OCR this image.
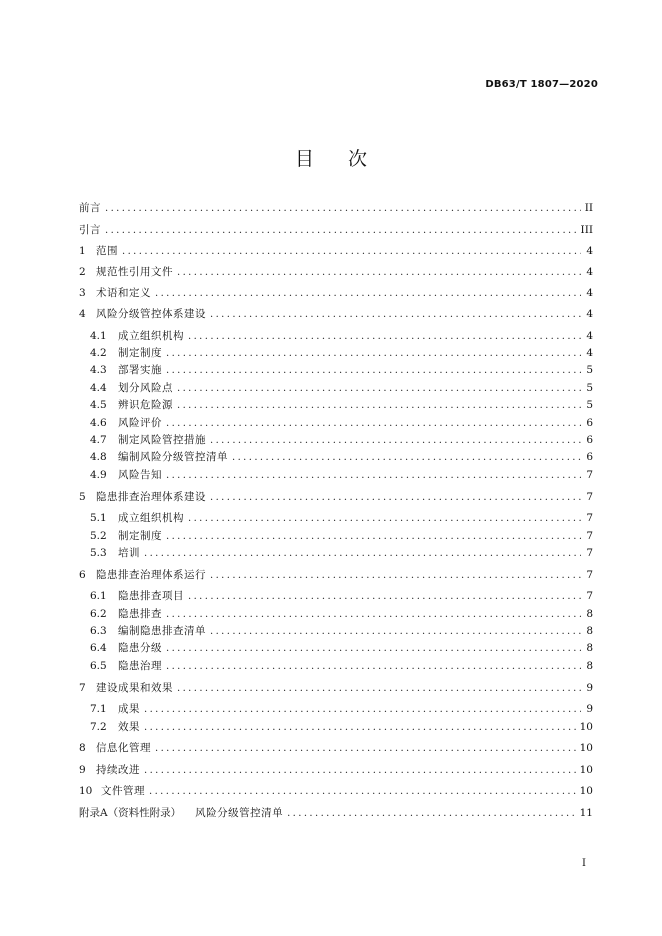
DB63/T 1807—2020
目 次
前言 .....	II
引言 .....	III
1 范围 .....	4
2 规范性引用文件 .....	4
3 术语和定义 .....	4
4 风险分级管控体系建设 .....	4
4.1	成立组织机构 .....	4
4.2	制定制度 .....	4
4.3	部署实施 .....	5
4.4	划分风险点 .....	5
4.5	辨识危险源 .....	5
4.6	风险评价 .....	6
4.7	制定风险管控措施 .....	6
4.8	编制风险分级管控清单 .....	6
4.9	风险告知 .....	7
5 隐患排查治理体系建设 .....	7
5.1	成立组织机构 .....	7
5.2	制定制度 .....	7
5.3	培训 .....	7
6 隐患排查治理体系运行 .....	7
6.1	隐患排查项目 .....	7
6.2	隐患排查 .....	8
6.3	编制隐患排查清单 .....	8
6.4	隐患分级 .....	8
6.5	隐患治理 .....	8
7 建设成果和效果 .....	9
7.1	成果 .....	9
7.2	效果 .....	10
8 信息化管理 .....	10
9 持续改进 .....	10
10 文件管理 .....	10
附录A（资料性附录） 风险分级管控清单 .....	11
I
